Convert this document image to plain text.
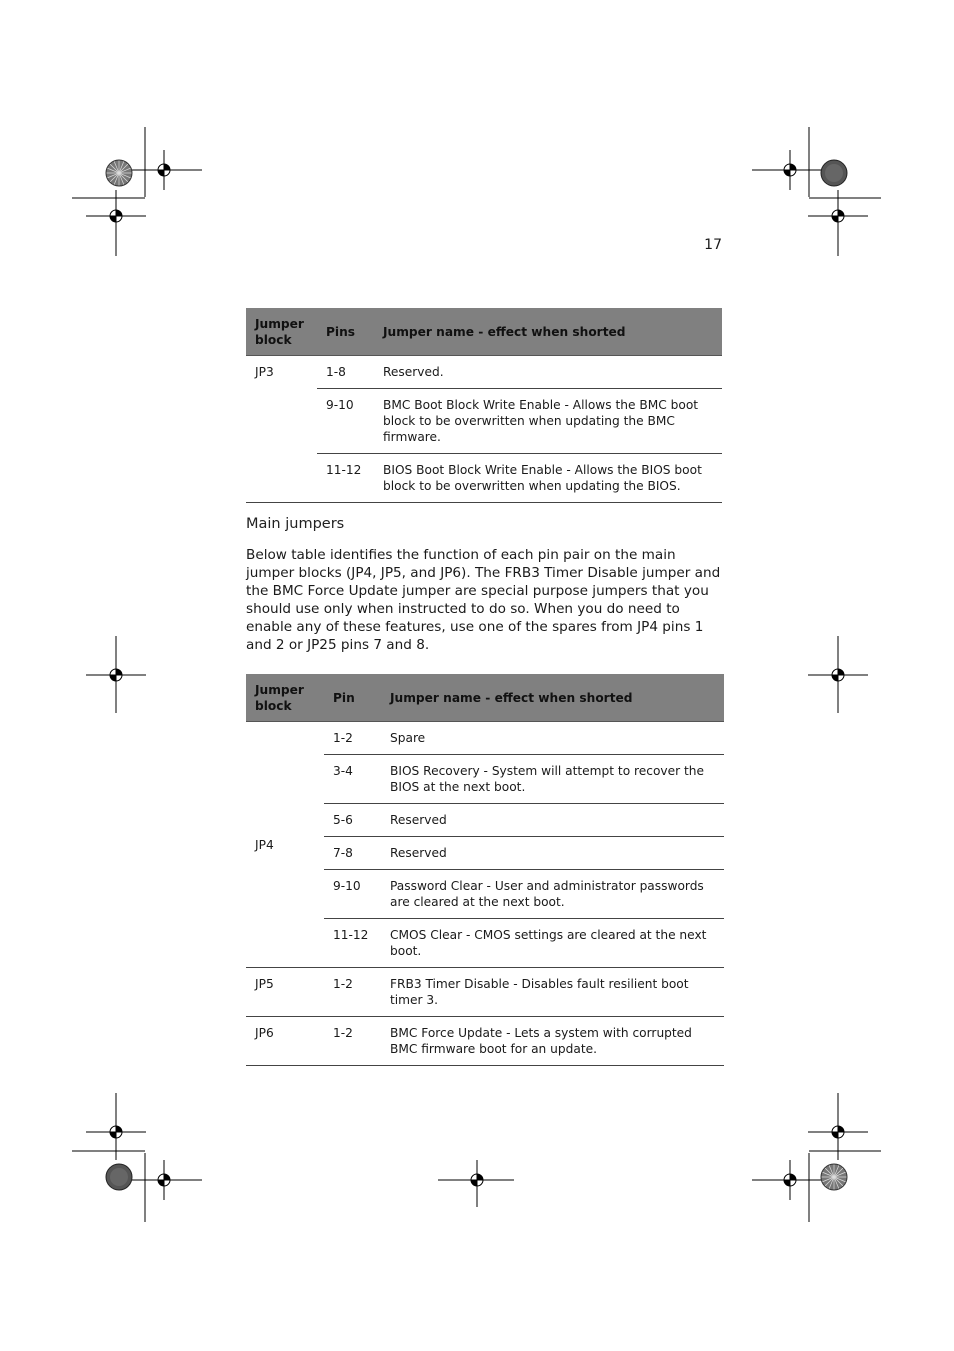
17
Jumper block	Pins	Jumper name - effect when shorted
JP3	1-8	Reserved.
	9-10	BMC Boot Block Write Enable - Allows the BMC boot block to be overwritten when updating the BMC firmware.
	11-12	BIOS Boot Block Write Enable - Allows the BIOS boot block to be overwritten when updating the BIOS.
Main jumpers
Below table identifies the function of each pin pair on the main jumper blocks (JP4, JP5, and JP6). The FRB3 Timer Disable jumper and the BMC Force Update jumper are special purpose jumpers that you should use only when instructed to do so. When you do need to enable any of these features, use one of the spares from JP4 pins 1 and 2 or JP25 pins 7 and 8.
Jumper block	Pin	Jumper name - effect when shorted
JP4	1-2	Spare
	3-4	BIOS Recovery - System will attempt to recover the BIOS at the next boot.
	5-6	Reserved
	7-8	Reserved
	9-10	Password Clear - User and administrator passwords are cleared at the next boot.
	11-12	CMOS Clear - CMOS settings are cleared at the next boot.
JP5	1-2	FRB3 Timer Disable - Disables fault resilient boot timer 3.
JP6	1-2	BMC Force Update - Lets a system with corrupted BMC firmware boot for an update.
